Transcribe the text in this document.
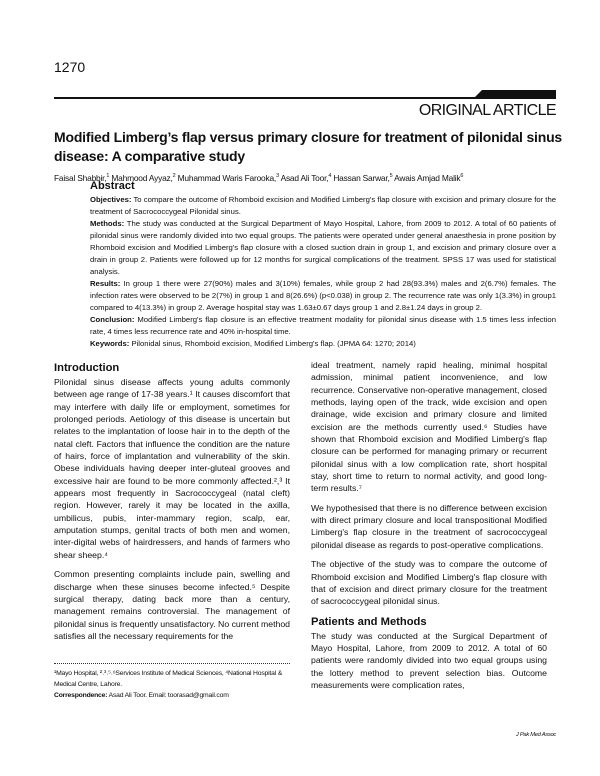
1270
ORIGINAL ARTICLE
Modified Limberg’s flap versus primary closure for treatment of pilonidal sinus disease: A comparative study
Faisal Shabbir,$^1$ Mahmood Ayyaz,$^2$ Muhammad Waris Farooka,$^3$ Asad Ali Toor,$^4$ Hassan Sarwar,$^5$ Awais Amjad Malik$^6$
Abstract

Objectives: To compare the outcome of Rhomboid excision and Modified Limberg's flap closure with excision and primary closure for the treatment of Sacrococcygeal Pilonidal sinus.

Methods: The study was conducted at the Surgical Department of Mayo Hospital, Lahore, from 2009 to 2012. A total of 60 patients of pilonidal sinus were randomly divided into two equal groups. The patients were operated under general anaesthesia in prone position by Rhomboid excision and Modified Limberg's flap closure with a closed suction drain in group 1, and excision and primary closure over a drain in group 2. Patients were followed up for 12 months for surgical complications of the treatment. SPSS 17 was used for statistical analysis.

Results: In group 1 there were 27(90%) males and 3(10%) females, while group 2 had 28(93.3%) males and 2(6.7%) females. The infection rates were observed to be 2(7%) in group 1 and 8(26.6%) (p<0.038) in group 2. The recurrence rate was only 1(3.3%) in group1 compared to 4(13.3%) in group 2. Average hospital stay was 1.63±0.67 days group 1 and 2.8±1.24 days in group 2.

Conclusion: Modified Limberg's flap closure is an effective treatment modality for pilonidal sinus disease with 1.5 times less infection rate, 4 times less recurrence rate and 40% in-hospital time.

Keywords: Pilonidal sinus, Rhomboid excision, Modified Limberg's flap. (JPMA 64: 1270; 2014)

Introduction

Pilonidal sinus disease affects young adults commonly between age range of 17-38 years.¹ It causes discomfort that may interfere with daily life or employment, sometimes for prolonged periods. Aetiology of this disease is uncertain but relates to the implantation of loose hair in to the depth of the natal cleft. Factors that influence the condition are the nature of hairs, force of implantation and vulnerability of the skin. Obese individuals having deeper inter-gluteal grooves and excessive hair are found to be more commonly affected.²,³ It appears most frequently in Sacrococcygeal (natal cleft) region. However, rarely it may be located in the axilla, umbilicus, pubis, inter-mammary region, scalp, ear, amputation stumps, genital tracts of both men and women, inter-digital webs of hairdressers, and hands of farmers who shear sheep.⁴

Common presenting complaints include pain, swelling and discharge when these sinuses become infected.⁵ Despite surgical therapy, dating back more than a century, management remains controversial. The management of pilonidal sinus is frequently unsatisfactory. No current method satisfies all the necessary requirements for the

ideal treatment, namely rapid healing, minimal hospital admission, minimal patient inconvenience, and low recurrence. Conservative non-operative management, closed methods, laying open of the track, wide excision and open drainage, wide excision and primary closure and limited excision are the methods currently used.⁶ Studies have shown that Rhomboid excision and Modified Limberg's flap closure can be performed for managing primary or recurrent pilonidal sinus with a low complication rate, short hospital stay, short time to return to normal activity, and good long-term results.⁷

We hypothesised that there is no difference between excision with direct primary closure and local transpositional Modified Limberg's flap closure in the treatment of sacrococcygeal pilonidal disease as regards to post-operative complications.

The objective of the study was to compare the outcome of Rhomboid excision and Modified Limberg's flap closure with that of excision and direct primary closure for the treatment of sacrococcygeal pilonidal sinus.

Patients and Methods

The study was conducted at the Surgical Department of Mayo Hospital, Lahore, from 2009 to 2012. A total of 60 patients were randomly divided into two equal groups using the lottery method to prevent selection bias. Outcome measurements were complication rates,

¹Mayo Hospital, ²˒³˒⁵˒⁶Services Institute of Medical Sciences, ⁴National Hospital & Medical Centre, Lahore.

Correspondence: Asad Ali Toor. Email: toorasad@gmail.com

J Pak Med Assoc
